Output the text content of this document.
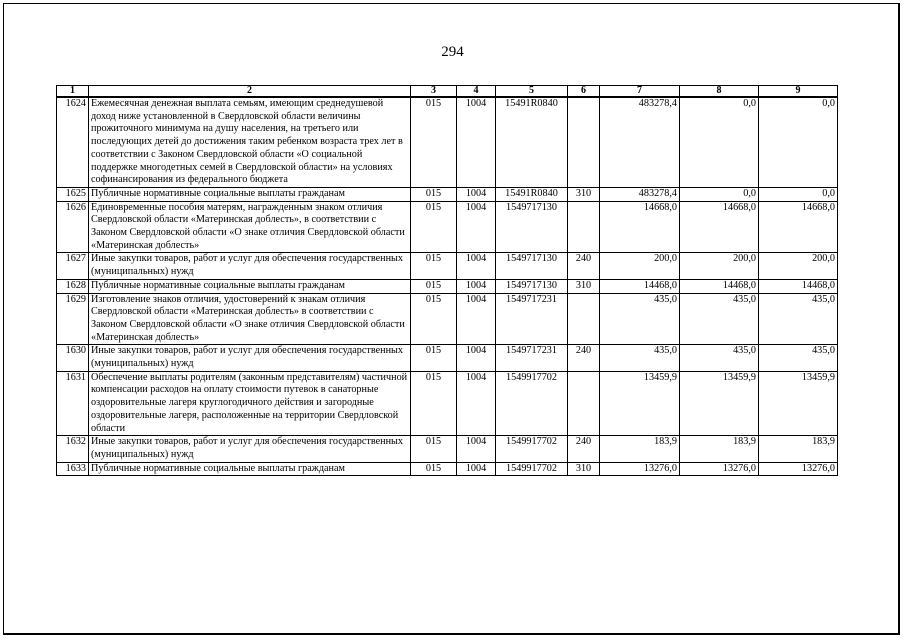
294
1	2	3	4	5	6	7	8	9
1624	Ежемесячная денежная выплата семьям, имеющим среднедушевой доход ниже установленной в Свердловской области величины прожиточного минимума на душу населения, на третьего или последующих детей до достижения таким ребенком возраста трех лет в соответствии с Законом Свердловской области «О социальной поддержке многодетных семей в Свердловской области» на условиях софинансирования из федерального бюджета	015	1004	15491R0840		483278,4	0,0	0,0
1625	Публичные нормативные социальные выплаты гражданам	015	1004	15491R0840	310	483278,4	0,0	0,0
1626	Единовременные пособия матерям, награжденным знаком отличия Свердловской области «Материнская доблесть», в соответствии с Законом Свердловской области «О знаке отличия Свердловской области «Материнская доблесть»	015	1004	1549717130		14668,0	14668,0	14668,0
1627	Иные закупки товаров, работ и услуг для обеспечения государственных (муниципальных) нужд	015	1004	1549717130	240	200,0	200,0	200,0
1628	Публичные нормативные социальные выплаты гражданам	015	1004	1549717130	310	14468,0	14468,0	14468,0
1629	Изготовление знаков отличия, удостоверений к знакам отличия Свердловской области «Материнская доблесть» в соответствии с Законом Свердловской области «О знаке отличия Свердловской области «Материнская доблесть»	015	1004	1549717231		435,0	435,0	435,0
1630	Иные закупки товаров, работ и услуг для обеспечения государственных (муниципальных) нужд	015	1004	1549717231	240	435,0	435,0	435,0
1631	Обеспечение выплаты родителям (законным представителям) частичной компенсации расходов на оплату стоимости путевок в санаторные оздоровительные лагеря круглогодичного действия и загородные оздоровительные лагеря, расположенные на территории Свердловской области	015	1004	1549917702		13459,9	13459,9	13459,9
1632	Иные закупки товаров, работ и услуг для обеспечения государственных (муниципальных) нужд	015	1004	1549917702	240	183,9	183,9	183,9
1633	Публичные нормативные социальные выплаты гражданам	015	1004	1549917702	310	13276,0	13276,0	13276,0
